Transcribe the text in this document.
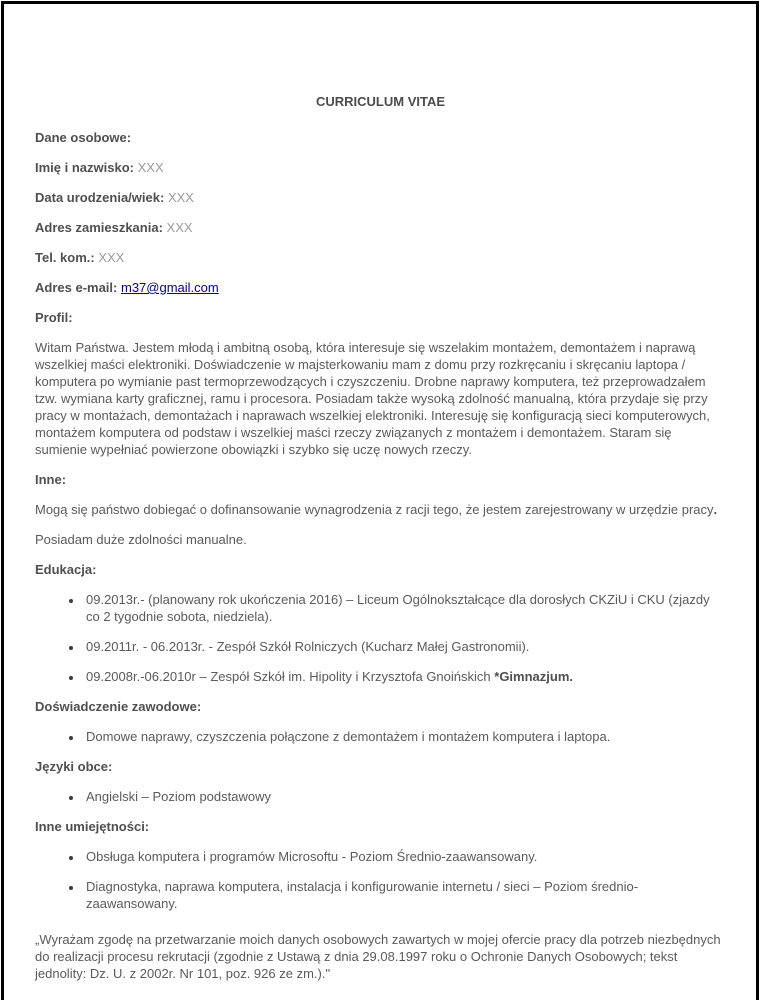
CURRICULUM VITAE

Dane osobowe:

Imię i nazwisko: XXX

Data urodzenia/wiek: XXX

Adres zamieszkania: XXX

Tel. kom.: XXX

Adres e-mail: m37@gmail.com

Profil:

Witam Państwa. Jestem młodą i ambitną osobą, która interesuje się wszelakim montażem, demontażem i naprawą wszelkiej maści elektroniki. Doświadczenie w majsterkowaniu mam z domu przy rozkręcaniu i skręcaniu laptopa / komputera po wymianie past termoprzewodzących i czyszczeniu. Drobne naprawy komputera, też przeprowadzałem tzw. wymiana karty graficznej, ramu i procesora. Posiadam także wysoką zdolność manualną, która przydaje się przy pracy w montażach, demontażach i naprawach wszelkiej elektroniki. Interesuję się konfiguracją sieci komputerowych, montażem komputera od podstaw i wszelkiej maści rzeczy związanych z montażem i demontażem. Staram się sumienie wypełniać powierzone obowiązki i szybko się uczę nowych rzeczy.

Inne:

Mogą się państwo dobiegać o dofinansowanie wynagrodzenia z racji tego, że jestem zarejestrowany w urzędzie pracy.

Posiadam duże zdolności manualne.

Edukacja:

• 09.2013r.- (planowany rok ukończenia 2016) – Liceum Ogólnokształcące dla dorosłych CKZiU i CKU (zjazdy co 2 tygodnie sobota, niedziela).
• 09.2011r. - 06.2013r. - Zespół Szkół Rolniczych (Kucharz Małej Gastronomii).
• 09.2008r.-06.2010r – Zespół Szkół im. Hipolity i Krzysztofa Gnoińskich *Gimnazjum.

Doświadczenie zawodowe:

• Domowe naprawy, czyszczenia połączone z demontażem i montażem komputera i laptopa.

Języki obce:

• Angielski – Poziom podstawowy

Inne umiejętności:

• Obsługa komputera i programów Microsoftu - Poziom Średnio-zaawansowany.
• Diagnostyka, naprawa komputera, instalacja i konfigurowanie internetu / sieci – Poziom średnio-zaawansowany.

„Wyrażam zgodę na przetwarzanie moich danych osobowych zawartych w mojej ofercie pracy dla potrzeb niezbędnych do realizacji procesu rekrutacji (zgodnie z Ustawą z dnia 29.08.1997 roku o Ochronie Danych Osobowych; tekst jednolity: Dz. U. z 2002r. Nr 101, poz. 926 ze zm.)."
